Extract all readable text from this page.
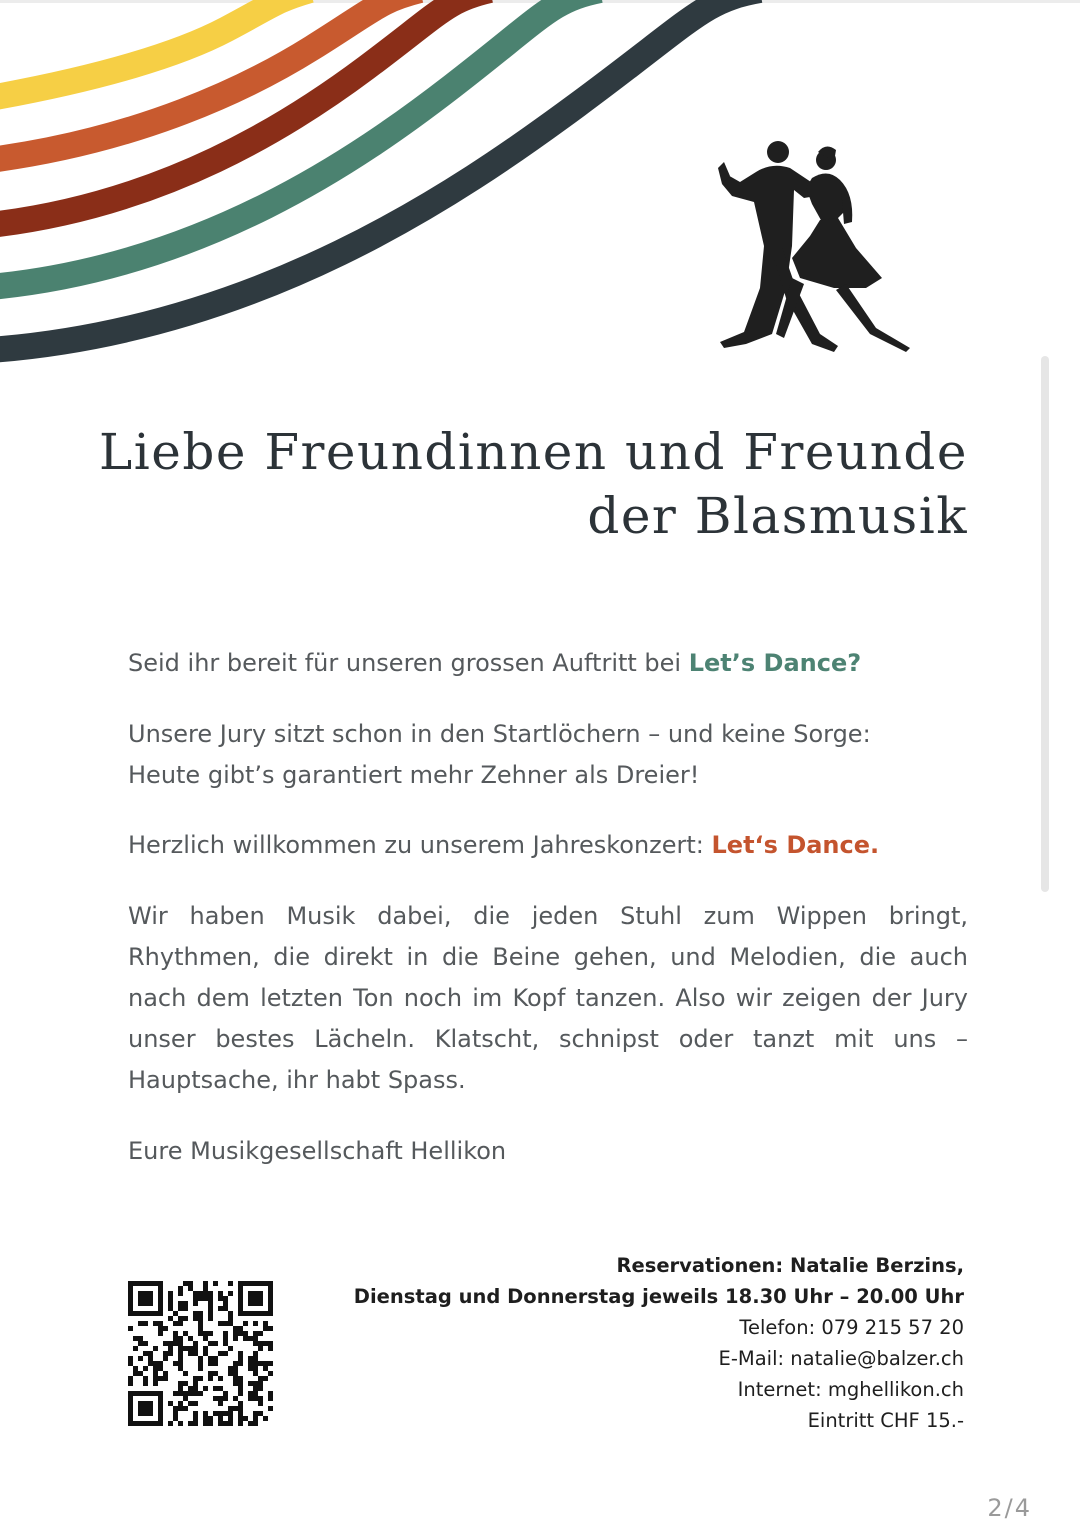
Liebe Freundinnen und Freunde
der Blasmusik

Seid ihr bereit für unseren grossen Auftritt bei Let’s Dance?

Unsere Jury sitzt schon in den Startlöchern – und keine Sorge:
Heute gibt’s garantiert mehr Zehner als Dreier!

Herzlich willkommen zu unserem Jahreskonzert: Let‘s Dance.

Wir haben Musik dabei, die jeden Stuhl zum Wippen bringt, Rhythmen, die direkt in die Beine gehen, und Melodien, die auch nach dem letzten Ton noch im Kopf tanzen. Also wir zeigen der Jury unser bestes Lächeln. Klatscht, schnipst oder tanzt mit uns – Hauptsache, ihr habt Spass.

Eure Musikgesellschaft Hellikon

Reservationen: Natalie Berzins,
Dienstag und Donnerstag jeweils 18.30 Uhr – 20.00 Uhr
Telefon: 079 215 57 20
E-Mail: natalie@balzer.ch
Internet: mghellikon.ch
Eintritt CHF 15.-
2/4
